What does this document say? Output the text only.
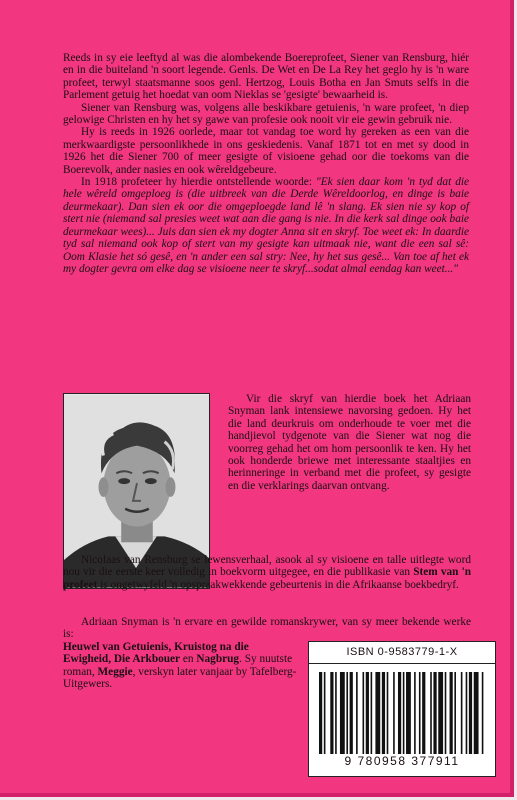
Reeds in sy eie leeftyd al was die alombekende Boereprofeet, Siener van Rensburg, hiér en in die buiteland 'n soort legende. Genls. De Wet en De La Rey het geglo hy is 'n ware profeet, terwyl staatsmanne soos genl. Hertzog, Louis Botha en Jan Smuts selfs in die Parlement getuig het hoedat van oom Nieklas se 'gesigte' bewaarheid is.

Siener van Rensburg was, volgens alle beskikbare getuienis, 'n ware profeet, 'n diep gelowige Christen en hy het sy gawe van profesie ook nooit vir eie gewin gebruik nie.

Hy is reeds in 1926 oorlede, maar tot vandag toe word hy gereken as een van die merkwaardigste persoonlikhede in ons geskiedenis. Vanaf 1871 tot en met sy dood in 1926 het die Siener 700 of meer gesigte of visioene gehad oor die toekoms van die Boerevolk, ander nasies en ook wêreldgebeure.

In 1918 profeteer hy hierdie ontstellende woorde: "Ek sien daar kom 'n tyd dat die hele wêreld omgeploeg is (die uitbreek van die Derde Wêreldoorlog, en dinge is baie deurmekaar). Dan sien ek oor die omgeploegde land lê 'n slang. Ek sien nie sy kop of stert nie (niemand sal presies weet wat aan die gang is nie. In die kerk sal dinge ook baie deurmekaar wees)... Juis dan sien ek my dogter Anna sit en skryf. Toe weet ek: In daardie tyd sal niemand ook kop of stert van my gesigte kan uitmaak nie, want die een sal sê: Oom Klasie het só gesê, en 'n ander een sal stry: Nee, hy het sus gesê... Van toe af het ek my dogter gevra om elke dag se visioene neer te skryf...sodat almal eendag kan weet..."

Vir die skryf van hierdie boek het Adriaan Snyman lank intensiewe navorsing gedoen. Hy het die land deurkruis om onderhoude te voer met die handjievol tydgenote van die Siener wat nog die voorreg gehad het om hom persoonlik te ken. Hy het ook honderde briewe met interessante staaltjies en herinneringe in verband met die profeet, sy gesigte en die verklarings daarvan ontvang.

Nicolaas van Rensburg se lewensverhaal, asook al sy visioene en talle uitlegte word nou vir die eerste keer volledig in boekvorm uitgegee, en die publikasie van Stem van 'n profeet is ongetwyfeld 'n opspraakwekkende gebeurtenis in die Afrikaanse boekbedryf.

Adriaan Snyman is 'n ervare en gewilde romanskrywer, van sy meer bekende werke is:

Heuwel van Getuienis, Kruistog na die Ewigheid, Die Arkbouer en Nagbrug. Sy nuutste roman, Meggie, verskyn later vanjaar by Tafelberg-Uitgewers.

ISBN 0-9583779-1-X
9 780958 377911
